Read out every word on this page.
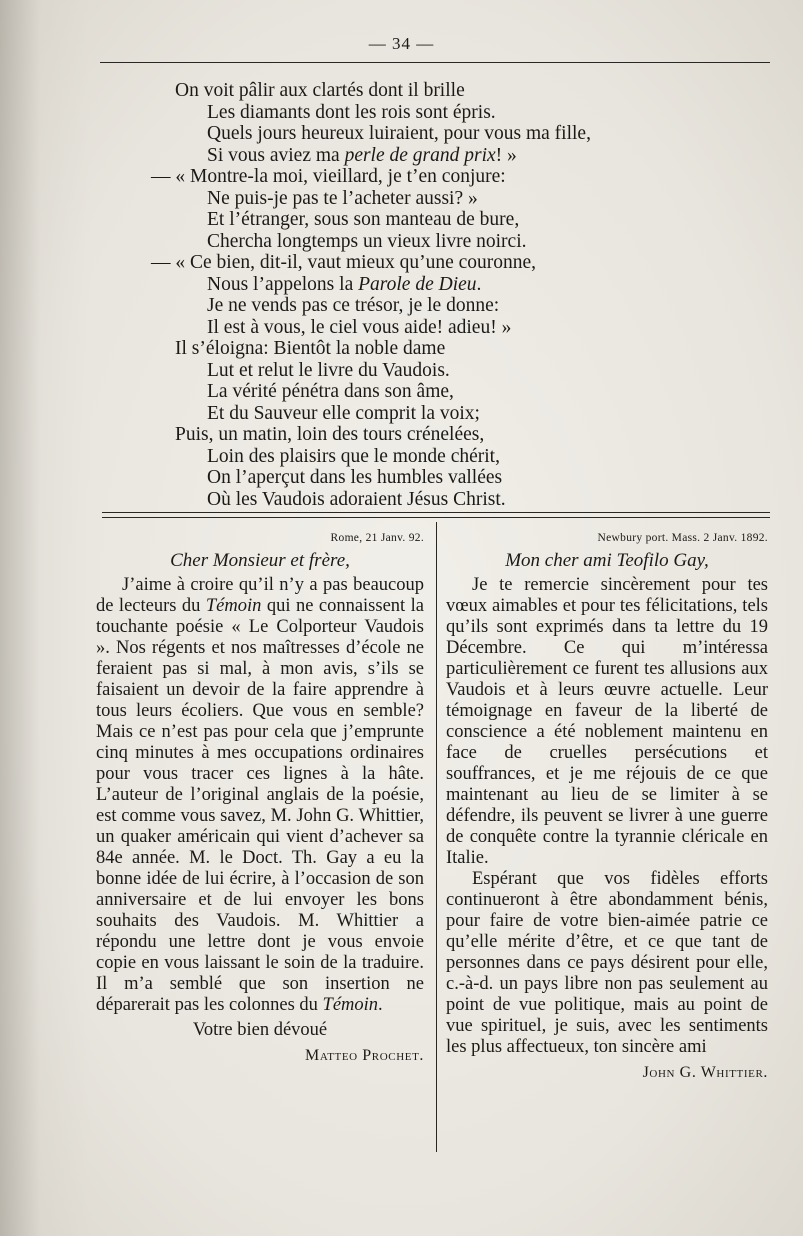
— 34 —
On voit pâlir aux clartés dont il brille
Les diamants dont les rois sont épris.
Quels jours heureux luiraient, pour vous ma fille,
Si vous aviez ma perle de grand prix! »
— « Montre-la moi, vieillard, je t’en conjure:
Ne puis-je pas te l’acheter aussi? »
Et l’étranger, sous son manteau de bure,
Chercha longtemps un vieux livre noirci.
— « Ce bien, dit-il, vaut mieux qu’une couronne,
Nous l’appelons la Parole de Dieu.
Je ne vends pas ce trésor, je le donne:
Il est à vous, le ciel vous aide! adieu! »
Il s’éloigna: Bientôt la noble dame
Lut et relut le livre du Vaudois.
La vérité pénétra dans son âme,
Et du Sauveur elle comprit la voix;
Puis, un matin, loin des tours crénelées,
Loin des plaisirs que le monde chérit,
On l’aperçut dans les humbles vallées
Où les Vaudois adoraient Jésus Christ.
Rome, 21 Janv. 92.
Cher Monsieur et frère,

J’aime à croire qu’il n’y a pas beaucoup de lecteurs du Témoin qui ne connaissent la touchante poésie « Le Colporteur Vaudois ». Nos régents et nos maîtresses d’école ne feraient pas si mal, à mon avis, s’ils se faisaient un devoir de la faire apprendre à tous leurs écoliers. Que vous en semble? Mais ce n’est pas pour cela que j’emprunte cinq minutes à mes occupations ordinaires pour vous tracer ces lignes à la hâte. L’auteur de l’original anglais de la poésie, est comme vous savez, M. John G. Whittier, un quaker américain qui vient d’achever sa 84e année. M. le Doct. Th. Gay a eu la bonne idée de lui écrire, à l’occasion de son anniversaire et de lui envoyer les bons souhaits des Vaudois. M. Whittier a répondu une lettre dont je vous envoie copie en vous laissant le soin de la traduire. Il m’a semblé que son insertion ne déparerait pas les colonnes du Témoin.

Votre bien dévoué
Matteo Prochet.
Newbury port. Mass. 2 Janv. 1892.
Mon cher ami Teofilo Gay,

Je te remercie sincèrement pour tes vœux aimables et pour tes félicitations, tels qu’ils sont exprimés dans ta lettre du 19 Décembre. Ce qui m’intéressa particulièrement ce furent tes allusions aux Vaudois et à leurs œuvre actuelle. Leur témoignage en faveur de la liberté de conscience a été noblement maintenu en face de cruelles persécutions et souffrances, et je me réjouis de ce que maintenant au lieu de se limiter à se défendre, ils peuvent se livrer à une guerre de conquête contre la tyrannie cléricale en Italie.

Espérant que vos fidèles efforts continueront à être abondamment bénis, pour faire de votre bien-aimée patrie ce qu’elle mérite d’être, et ce que tant de personnes dans ce pays désirent pour elle, c.-à-d. un pays libre non pas seulement au point de vue politique, mais au point de vue spirituel, je suis, avec les sentiments les plus affectueux, ton sincère ami

John G. Whittier.
